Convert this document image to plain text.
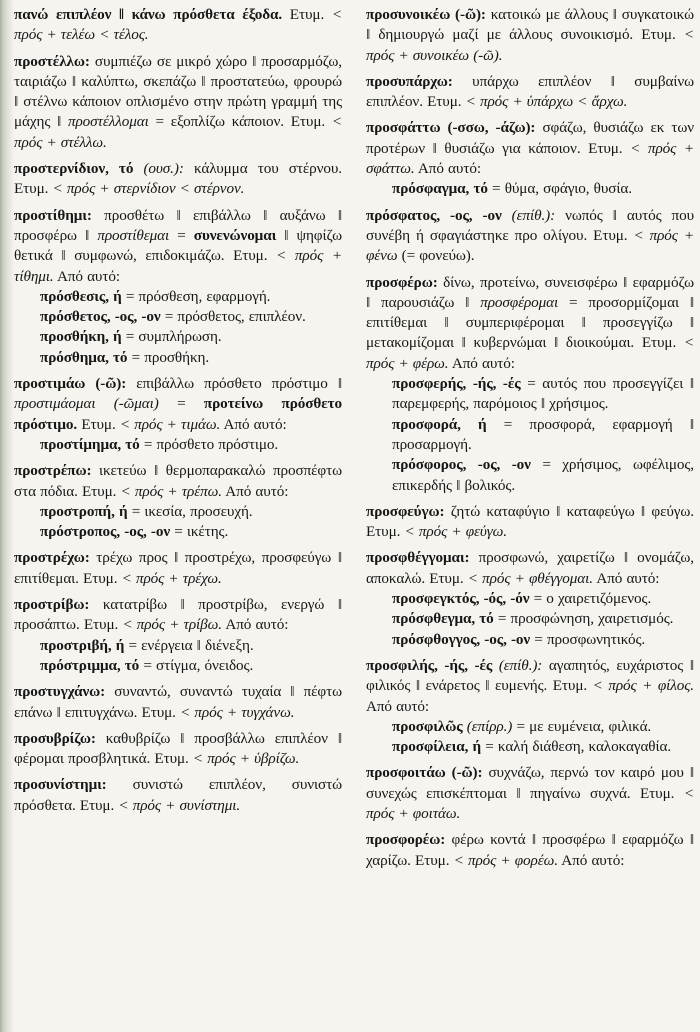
πανώ επιπλέον ‖ κάνω πρόσθετα έξοδα. Ετυμ. < πρός + τελέω < τέλος.

προστέλλω: συμπιέζω σε μικρό χώρο ‖ προσαρμόζω, ταιριάζω ‖ καλύπτω, σκεπάζω ‖ προστατεύω, φρουρώ ‖ στέλνω κάποιον οπλισμένο στην πρώτη γραμμή της μάχης ‖ προστέλλομαι = εξοπλίζω κάποιον. Ετυμ. < πρός + στέλλω.

προστερνίδιον, τό (ουσ.): κάλυμμα του στέρνου. Ετυμ. < πρός + στερνίδιον < στέρνον.

προστίθημι: προσθέτω ‖ επιβάλλω ‖ αυξάνω ‖ προσφέρω ‖ προστίθεμαι = συνενώνομαι ‖ ψηφίζω θετικά ‖ συμφωνώ, επιδοκιμάζω. Ετυμ. < πρός + τίθημι. Από αυτό:

πρόσθεσις, ή = πρόσθεση, εφαρμογή.

πρόσθετος, -ος, -ον = πρόσθετος, επιπλέον.

προσθήκη, ή = συμπλήρωση.

πρόσθημα, τό = προσθήκη.

προστιμάω (-ῶ): επιβάλλω πρόσθετο πρόστιμο ‖ προστιμάομαι (-ῶμαι) = προτείνω πρόσθετο πρόστιμο. Ετυμ. < πρός + τιμάω. Από αυτό:

προστίμημα, τό = πρόσθετο πρόστιμο.

προστρέπω: ικετεύω ‖ θερμοπαρακαλώ προσπέφτω στα πόδια. Ετυμ. < πρός + τρέπω. Από αυτό:

προστροπή, ή = ικεσία, προσευχή.

πρόστροπος, -ος, -ον = ικέτης.

προστρέχω: τρέχω προς ‖ προστρέχω, προσφεύγω ‖ επιτίθεμαι. Ετυμ. < πρός + τρέχω.

προστρίβω: κατατρίβω ‖ προστρίβω, ενεργώ ‖ προσάπτω. Ετυμ. < πρός + τρίβω. Από αυτό:

προστριβή, ή = ενέργεια ‖ διένεξη.

πρόστριμμα, τό = στίγμα, όνειδος.

προστυγχάνω: συναντώ, συναντώ τυχαία ‖ πέφτω επάνω ‖ επιτυγχάνω. Ετυμ. < πρός + τυγχάνω.

προσυβρίζω: καθυβρίζω ‖ προσβάλλω επιπλέον ‖ φέρομαι προσβλητικά. Ετυμ. < πρός + ὑβρίζω.

προσυνίστημι: συνιστώ επιπλέον, συνιστώ πρόσθετα. Ετυμ. < πρός + συνίστημι.

προσυνοικέω (-ῶ): κατοικώ με άλλους ‖ συγκατοικώ ‖ δημιουργώ μαζί με άλλους συνοικισμό. Ετυμ. < πρός + συνοικέω (-ῶ).

προσυπάρχω: υπάρχω επιπλέον ‖ συμβαίνω επιπλέον. Ετυμ. < πρός + ὑπάρχω < ἄρχω.

προσφάττω (-σσω, -άζω): σφάζω, θυσιάζω εκ των προτέρων ‖ θυσιάζω για κάποιον. Ετυμ. < πρός + σφάττω. Από αυτό:

πρόσφαγμα, τό = θύμα, σφάγιο, θυσία.

πρόσφατος, -ος, -ον (επίθ.): νωπός ‖ αυτός που συνέβη ή σφαγιάστηκε προ ολίγου. Ετυμ. < πρός + φένω (= φονεύω).

προσφέρω: δίνω, προτείνω, συνεισφέρω ‖ εφαρμόζω ‖ παρουσιάζω ‖ προσφέρομαι = προσορμίζομαι ‖ επιτίθεμαι ‖ συμπεριφέρομαι ‖ προσεγγίζω ‖ μετακομίζομαι ‖ κυβερνώμαι ‖ διοικούμαι. Ετυμ. < πρός + φέρω. Από αυτό:

προσφερής, -ής, -ές = αυτός που προσεγγίζει ‖ παρεμφερής, παρόμοιος ‖ χρήσιμος.

προσφορά, ή = προσφορά, εφαρμογή ‖ προσαρμογή.

πρόσφορος, -ος, -ον = χρήσιμος, ωφέλιμος, επικερδής ‖ βολικός.

προσφεύγω: ζητώ καταφύγιο ‖ καταφεύγω ‖ φεύγω. Ετυμ. < πρός + φεύγω.

προσφθέγγομαι: προσφωνώ, χαιρετίζω ‖ ονομάζω, αποκαλώ. Ετυμ. < πρός + φθέγγομαι. Από αυτό:

προσφεγκτός, -ός, -όν = ο χαιρετιζόμενος.

πρόσφθεγμα, τό = προσφώνηση, χαιρετισμός.

πρόσφθογγος, -ος, -ον = προσφωνητικός.

προσφιλής, -ής, -ές (επίθ.): αγαπητός, ευχάριστος ‖ φιλικός ‖ ενάρετος ‖ ευμενής. Ετυμ. < πρός + φίλος. Από αυτό:

προσφιλῶς (επίρρ.) = με ευμένεια, φιλικά.

προσφίλεια, ή = καλή διάθεση, καλοκαγαθία.

προσφοιτάω (-ῶ): συχνάζω, περνώ τον καιρό μου ‖ συνεχώς επισκέπτομαι ‖ πηγαίνω συχνά. Ετυμ. < πρός + φοιτάω.

προσφορέω: φέρω κοντά ‖ προσφέρω ‖ εφαρμόζω ‖ χαρίζω. Ετυμ. < πρός + φορέω. Από αυτό:
